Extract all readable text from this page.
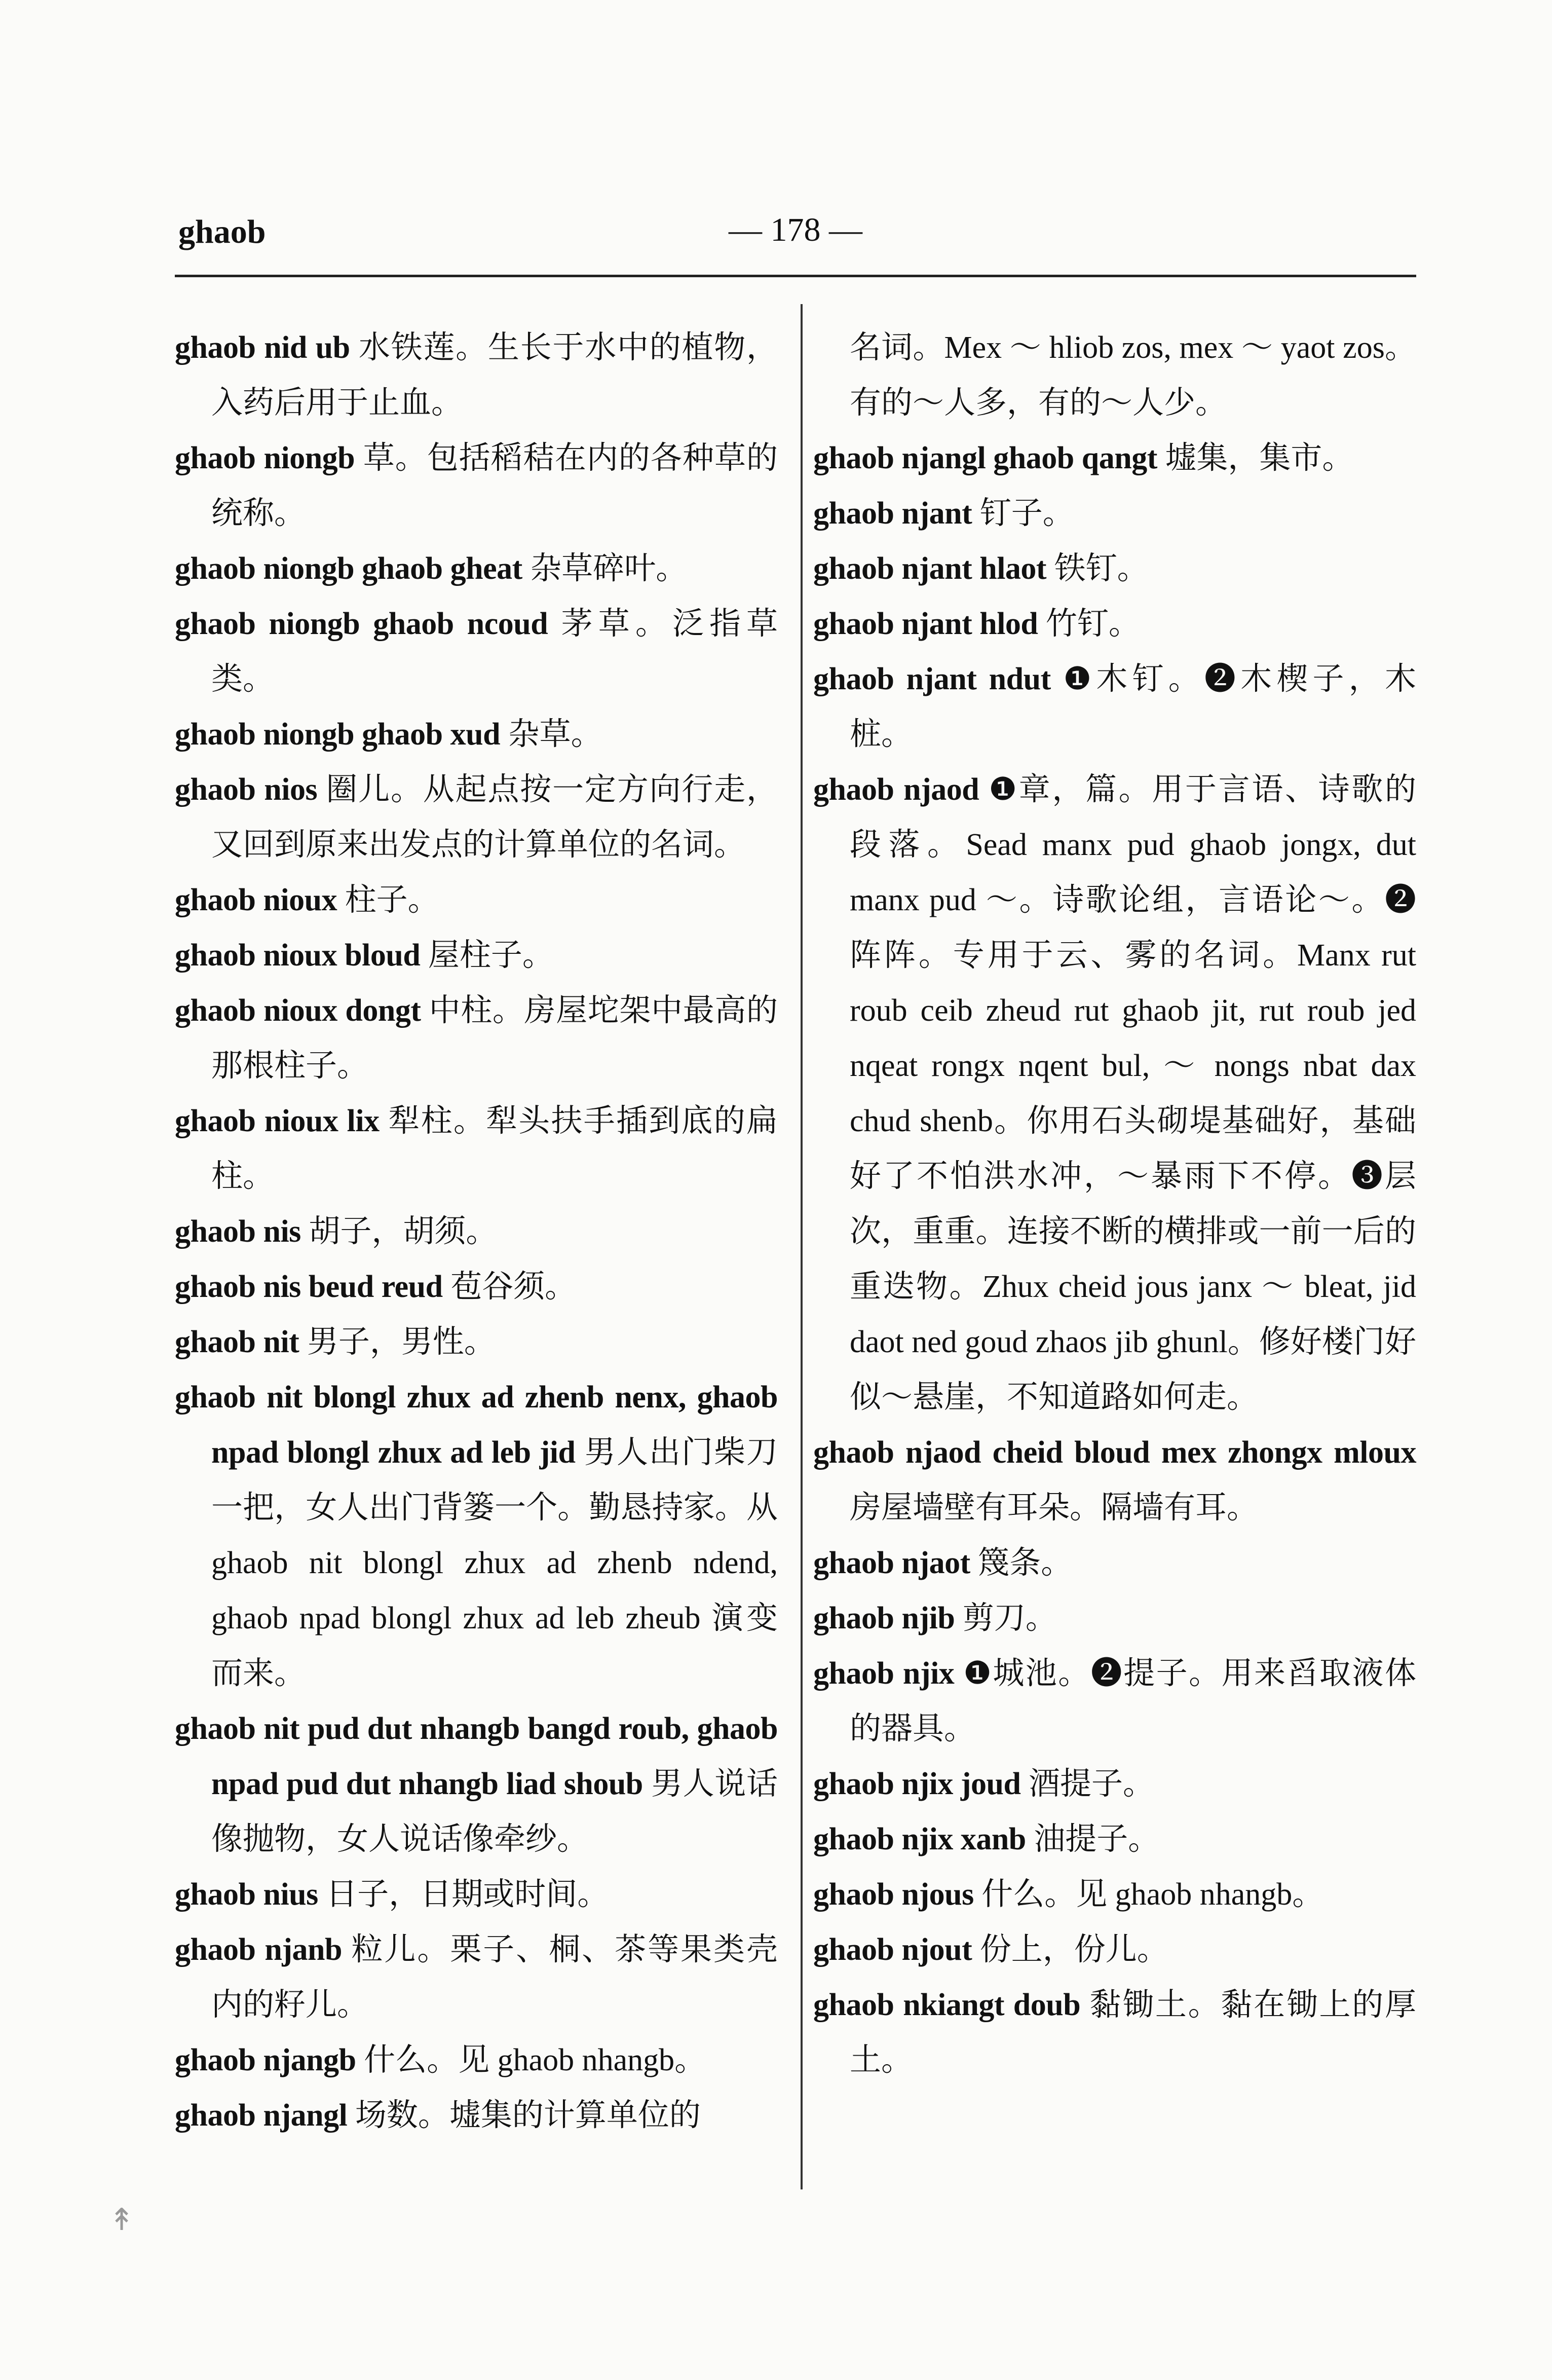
ghaob	— 178 —

ghaob nid ub 水铁莲。生长于水中的植物，入药后用于止血。

ghaob niongb 草。包括稻秸在内的各种草的统称。

ghaob niongb ghaob gheat 杂草碎叶。

ghaob niongb ghaob ncoud 茅草。泛指草类。

ghaob niongb ghaob xud 杂草。

ghaob nios 圈儿。从起点按一定方向行走，又回到原来出发点的计算单位的名词。

ghaob nioux 柱子。

ghaob nioux bloud 屋柱子。

ghaob nioux dongt 中柱。房屋坨架中最高的那根柱子。

ghaob nioux lix 犁柱。犁头扶手插到底的扁柱。

ghaob nis 胡子，胡须。

ghaob nis beud reud 苞谷须。

ghaob nit 男子，男性。

ghaob nit blongl zhux ad zhenb nenx, ghaob npad blongl zhux ad leb jid 男人出门柴刀一把，女人出门背篓一个。勤恳持家。从 ghaob nit blongl zhux ad zhenb ndend, ghaob npad blongl zhux ad leb zheub 演变而来。

ghaob nit pud dut nhangb bangd roub, ghaob npad pud dut nhangb liad shoub 男人说话像抛物，女人说话像牵纱。

ghaob nius 日子，日期或时间。

ghaob njanb 粒儿。栗子、桐、茶等果类壳内的籽儿。

ghaob njangb 什么。见 ghaob nhangb。

ghaob njangl 场数。墟集的计算单位的

名词。Mex ～ hliob zos, mex ～ yaot zos。有的～人多，有的～人少。

ghaob njangl ghaob qangt 墟集，集市。

ghaob njant 钉子。

ghaob njant hlaot 铁钉。

ghaob njant hlod 竹钉。

ghaob njant ndut ❶木钉。❷木楔子，木桩。

ghaob njaod ❶章，篇。用于言语、诗歌的段落。Sead manx pud ghaob jongx, dut manx pud ～。诗歌论组，言语论～。❷阵阵。专用于云、雾的名词。Manx rut roub ceib zheud rut ghaob jit, rut roub jed nqeat rongx nqent bul, ～ nongs nbat dax chud shenb。你用石头砌堤基础好，基础好了不怕洪水冲，～暴雨下不停。❸层次，重重。连接不断的横排或一前一后的重迭物。Zhux cheid jous janx ～ bleat, jid daot ned goud zhaos jib ghunl。修好楼门好似～悬崖，不知道路如何走。

ghaob njaod cheid bloud mex zhongx mloux 房屋墙壁有耳朵。隔墙有耳。

ghaob njaot 篾条。

ghaob njib 剪刀。

ghaob njix ❶城池。❷提子。用来舀取液体的器具。

ghaob njix joud 酒提子。

ghaob njix xanb 油提子。

ghaob njous 什么。见 ghaob nhangb。

ghaob njout 份上，份儿。

ghaob nkiangt doub 黏锄土。黏在锄上的厚土。

↟
